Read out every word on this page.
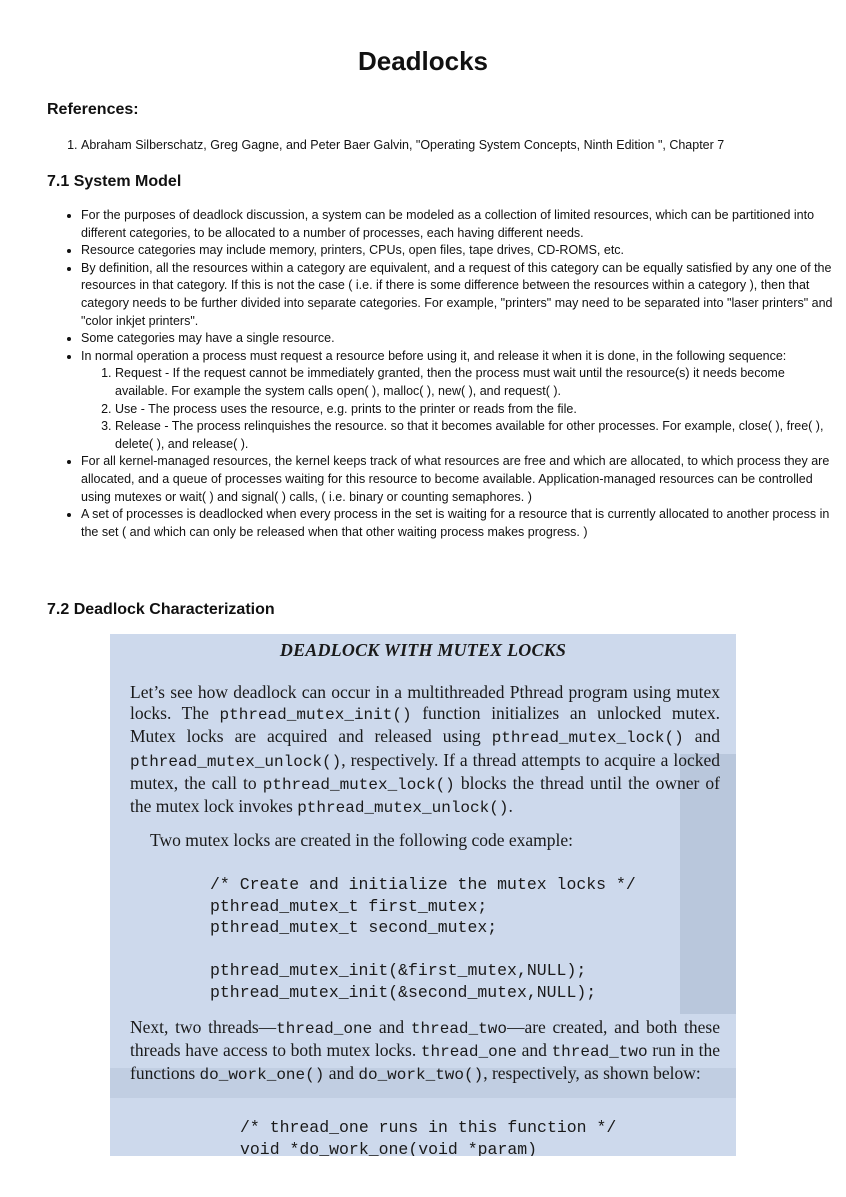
Deadlocks
References:
1. Abraham Silberschatz, Greg Gagne, and Peter Baer Galvin, "Operating System Concepts, Ninth Edition ", Chapter 7
7.1 System Model
• For the purposes of deadlock discussion, a system can be modeled as a collection of limited resources, which can be partitioned into different categories, to be allocated to a number of processes, each having different needs.
• Resource categories may include memory, printers, CPUs, open files, tape drives, CD-ROMS, etc.
• By definition, all the resources within a category are equivalent, and a request of this category can be equally satisfied by any one of the resources in that category. If this is not the case ( i.e. if there is some difference between the resources within a category ), then that category needs to be further divided into separate categories. For example, "printers" may need to be separated into "laser printers" and "color inkjet printers".
• Some categories may have a single resource.
• In normal operation a process must request a resource before using it, and release it when it is done, in the following sequence:
1. Request - If the request cannot be immediately granted, then the process must wait until the resource(s) it needs become available. For example the system calls open( ), malloc( ), new( ), and request( ).
2. Use - The process uses the resource, e.g. prints to the printer or reads from the file.
3. Release - The process relinquishes the resource. so that it becomes available for other processes. For example, close( ), free( ), delete( ), and release( ).
• For all kernel-managed resources, the kernel keeps track of what resources are free and which are allocated, to which process they are allocated, and a queue of processes waiting for this resource to become available. Application-managed resources can be controlled using mutexes or wait( ) and signal( ) calls, ( i.e. binary or counting semaphores. )
• A set of processes is deadlocked when every process in the set is waiting for a resource that is currently allocated to another process in the set ( and which can only be released when that other waiting process makes progress. )
7.2 Deadlock Characterization
DEADLOCK WITH MUTEX LOCKS

Let’s see how deadlock can occur in a multithreaded Pthread program using mutex locks. The pthread_mutex_init() function initializes an unlocked mutex. Mutex locks are acquired and released using pthread_mutex_lock() and pthread_mutex_unlock(), respectively. If a thread attempts to acquire a locked mutex, the call to pthread_mutex_lock() blocks the thread until the owner of the mutex lock invokes pthread_mutex_unlock().

Two mutex locks are created in the following code example:

/* Create and initialize the mutex locks */
pthread_mutex_t first_mutex;
pthread_mutex_t second_mutex;

pthread_mutex_init(&first_mutex,NULL);
pthread_mutex_init(&second_mutex,NULL);

Next, two threads—thread_one and thread_two—are created, and both these threads have access to both mutex locks. thread_one and thread_two run in the functions do_work_one() and do_work_two(), respectively, as shown below:

/* thread_one runs in this function */
void *do_work_one(void *param)
